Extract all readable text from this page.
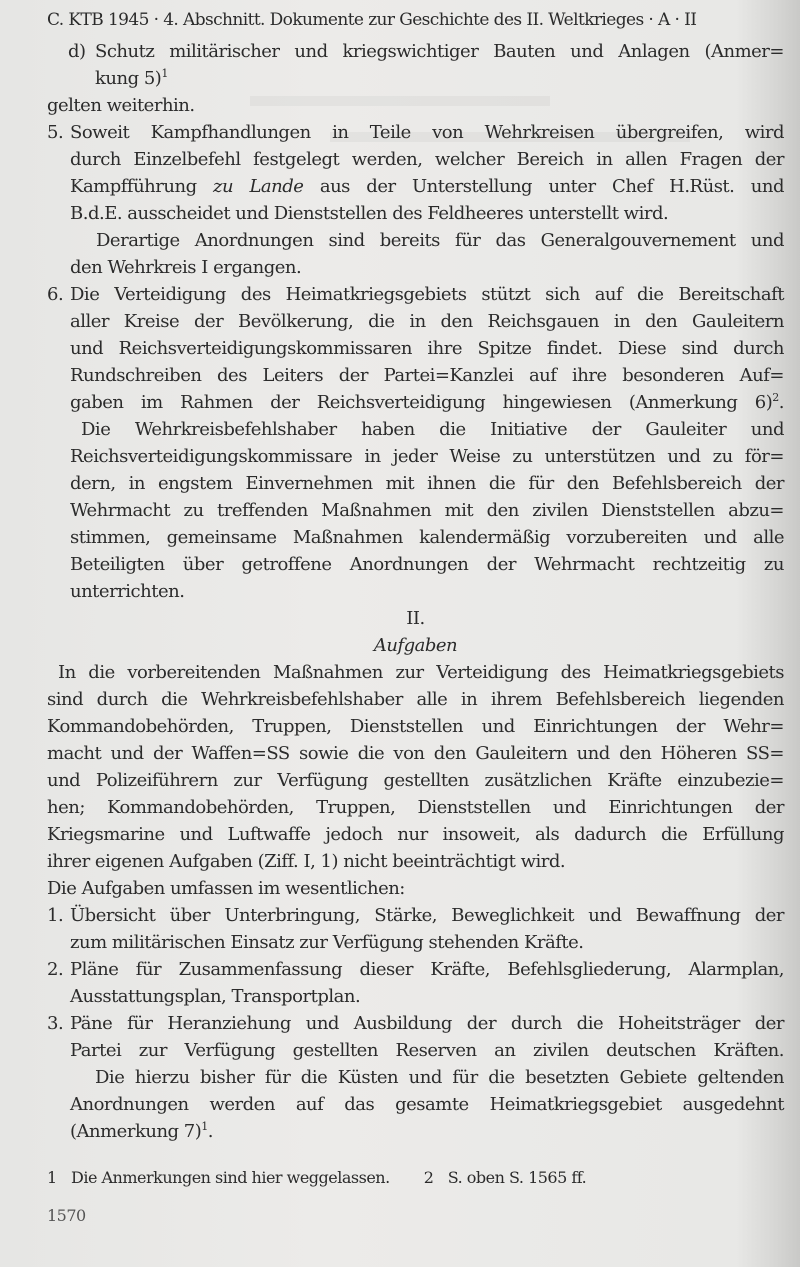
C. KTB 1945 · 4. Abschnitt. Dokumente zur Geschichte des II. Weltkrieges · A · II
d) Schutz militärischer und kriegswichtiger Bauten und Anlagen (Anmer=
kung 5)$^1$
gelten weiterhin.
5. Soweit Kampfhandlungen in Teile von Wehrkreisen übergreifen, wird
durch Einzelbefehl festgelegt werden, welcher Bereich in allen Fragen der
Kampfführung zu Lande aus der Unterstellung unter Chef H.Rüst. und
B.d.E. ausscheidet und Dienststellen des Feldheeres unterstellt wird.
Derartige Anordnungen sind bereits für das Generalgouvernement und
den Wehrkreis I ergangen.
6. Die Verteidigung des Heimatkriegsgebiets stützt sich auf die Bereitschaft
aller Kreise der Bevölkerung, die in den Reichsgauen in den Gauleitern
und Reichsverteidigungskommissaren ihre Spitze findet. Diese sind durch
Rundschreiben des Leiters der Partei=Kanzlei auf ihre besonderen Auf=
gaben im Rahmen der Reichsverteidigung hingewiesen (Anmerkung 6)$^2$.
Die Wehrkreisbefehlshaber haben die Initiative der Gauleiter und
Reichsverteidigungskommissare in jeder Weise zu unterstützen und zu för=
dern, in engstem Einvernehmen mit ihnen die für den Befehlsbereich der
Wehrmacht zu treffenden Maßnahmen mit den zivilen Dienststellen abzu=
stimmen, gemeinsame Maßnahmen kalendermäßig vorzubereiten und alle
Beteiligten über getroffene Anordnungen der Wehrmacht rechtzeitig zu
unterrichten.
II.
Aufgaben
In die vorbereitenden Maßnahmen zur Verteidigung des Heimatkriegsgebiets
sind durch die Wehrkreisbefehlshaber alle in ihrem Befehlsbereich liegenden
Kommandobehörden, Truppen, Dienststellen und Einrichtungen der Wehr=
macht und der Waffen=SS sowie die von den Gauleitern und den Höheren SS=
und Polizeiführern zur Verfügung gestellten zusätzlichen Kräfte einzubezie=
hen; Kommandobehörden, Truppen, Dienststellen und Einrichtungen der
Kriegsmarine und Luftwaffe jedoch nur insoweit, als dadurch die Erfüllung
ihrer eigenen Aufgaben (Ziff. I, 1) nicht beeinträchtigt wird.
Die Aufgaben umfassen im wesentlichen:
1. Übersicht über Unterbringung, Stärke, Beweglichkeit und Bewaffnung der
zum militärischen Einsatz zur Verfügung stehenden Kräfte.
2. Pläne für Zusammenfassung dieser Kräfte, Befehlsgliederung, Alarmplan,
Ausstattungsplan, Transportplan.
3. Päne für Heranziehung und Ausbildung der durch die Hoheitsträger der
Partei zur Verfügung gestellten Reserven an zivilen deutschen Kräften.
Die hierzu bisher für die Küsten und für die besetzten Gebiete geltenden
Anordnungen werden auf das gesamte Heimatkriegsgebiet ausgedehnt
(Anmerkung 7)$^1$.
1 Die Anmerkungen sind hier weggelassen. 2 S. oben S. 1565 ff.
1570
